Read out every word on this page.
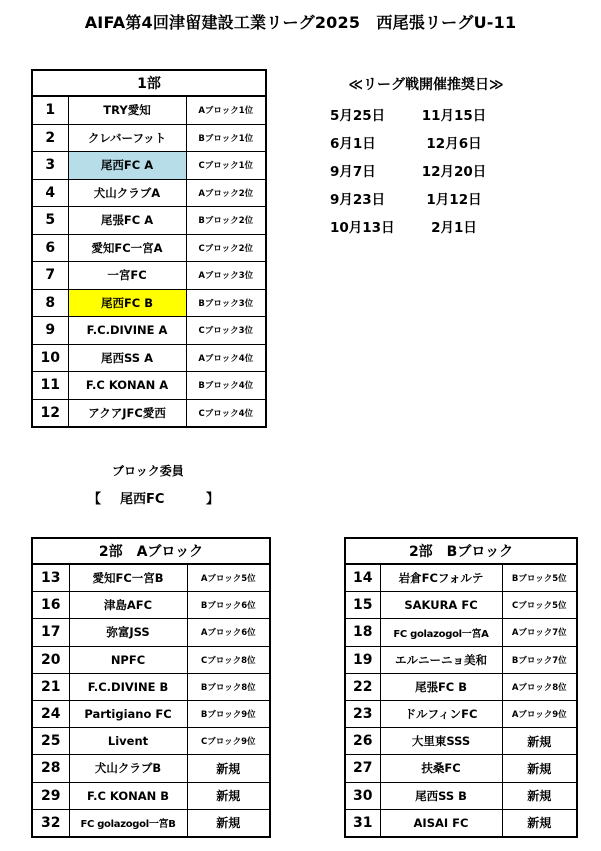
AIFA第4回津留建設工業リーグ2025　西尾張リーグU-11
1部		
1	TRY愛知	Aブロック1位
2	クレバーフット	Bブロック1位
3	尾西FC A	Cブロック1位
4	犬山クラブA	Aブロック2位
5	尾張FC A	Bブロック2位
6	愛知FC一宮A	Cブロック2位
7	一宮FC	Aブロック3位
8	尾西FC B	Bブロック3位
9	F.C.DIVINE A	Cブロック3位
10	尾西SS A	Aブロック4位
11	F.C KONAN A	Bブロック4位
12	アクアJFC愛西	Cブロック4位
≪リーグ戦開催推奨日≫
5月25日	11月15日
6月1日	12月6日
9月7日	12月20日
9月23日	1月12日
10月13日	2月1日
ブロック委員
【	尾西FC	】
2部　Aブロック		
13	愛知FC一宮B	Aブロック5位
16	津島AFC	Bブロック6位
17	弥富JSS	Aブロック6位
20	NPFC	Cブロック8位
21	F.C.DIVINE B	Bブロック8位
24	Partigiano FC	Bブロック9位
25	Livent	Cブロック9位
28	犬山クラブB	新規
29	F.C KONAN B	新規
32	FC golazogol一宮B	新規
2部　Bブロック		
14	岩倉FCフォルテ	Bブロック5位
15	SAKURA FC	Cブロック5位
18	FC golazogol一宮A	Aブロック7位
19	エルニーニョ美和	Bブロック7位
22	尾張FC B	Aブロック8位
23	ドルフィンFC	Aブロック9位
26	大里東SSS	新規
27	扶桑FC	新規
30	尾西SS B	新規
31	AISAI FC	新規
